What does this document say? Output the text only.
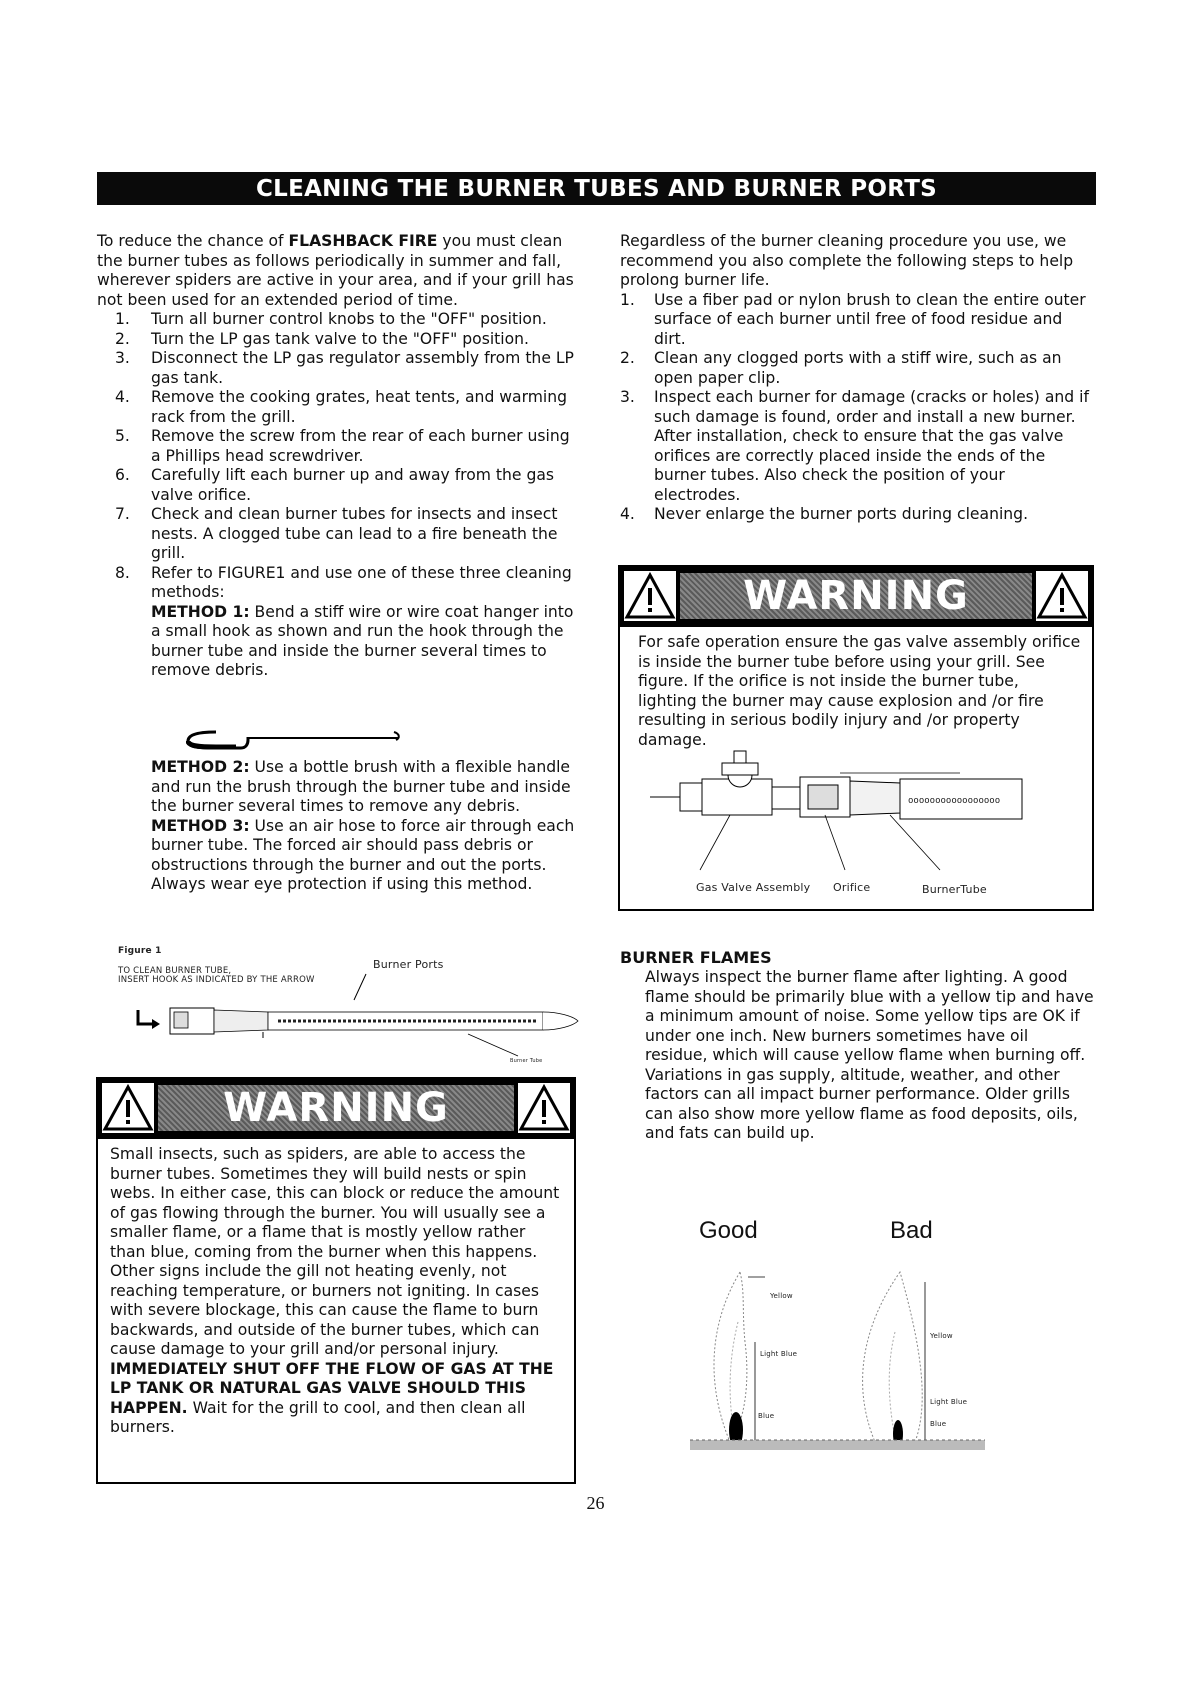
CLEANING THE BURNER TUBES AND BURNER PORTS

To reduce the chance of FLASHBACK FIRE you must clean the burner tubes as follows periodically in summer and fall, wherever spiders are active in your area, and if your grill has not been used for an extended period of time.

1. Turn all burner control knobs to the "OFF" position.
2. Turn the LP gas tank valve to the "OFF" position.
3. Disconnect the LP gas regulator assembly from the LP gas tank.
4. Remove the cooking grates, heat tents, and warming rack from the grill.
5. Remove the screw from the rear of each burner using a Phillips head screwdriver.
6. Carefully lift each burner up and away from the gas valve orifice.
7. Check and clean burner tubes for insects and insect nests. A clogged tube can lead to a fire beneath the grill.
8. Refer to FIGURE1 and use one of these three cleaning methods:
METHOD 1: Bend a stiff wire or wire coat hanger into a small hook as shown and run the hook through the burner tube and inside the burner several times to remove debris.
METHOD 2: Use a bottle brush with a flexible handle and run the brush through the burner tube and inside the burner several times to remove any debris.
METHOD 3: Use an air hose to force air through each burner tube. The forced air should pass debris or obstructions through the burner and out the ports. Always wear eye protection if using this method.
Figure 1
TO CLEAN BURNER TUBE,
INSERT HOOK AS INDICATED BY THE ARROW
Burner Ports
Burner Tube
WARNING
Small insects, such as spiders, are able to access the burner tubes. Sometimes they will build nests or spin webs. In either case, this can block or reduce the amount of gas flowing through the burner. You will usually see a smaller flame, or a flame that is mostly yellow rather than blue, coming from the burner when this happens. Other signs include the gill not heating evenly, not reaching temperature, or burners not igniting. In cases with severe blockage, this can cause the flame to burn backwards, and outside of the burner tubes, which can cause damage to your grill and/or personal injury. IMMEDIATELY SHUT OFF THE FLOW OF GAS AT THE LP TANK OR NATURAL GAS VALVE SHOULD THIS HAPPEN. Wait for the grill to cool, and then clean all burners.

Regardless of the burner cleaning procedure you use, we recommend you also complete the following steps to help prolong burner life.

1. Use a fiber pad or nylon brush to clean the entire outer surface of each burner until free of food residue and dirt.
2. Clean any clogged ports with a stiff wire, such as an open paper clip.
3. Inspect each burner for damage (cracks or holes) and if such damage is found, order and install a new burner. After installation, check to ensure that the gas valve orifices are correctly placed inside the ends of the burner tubes. Also check the position of your electrodes.
4. Never enlarge the burner ports during cleaning.
WARNING
For safe operation ensure the gas valve assembly orifice is inside the burner tube before using your grill. See figure. If the orifice is not inside the burner tube, lighting the burner may cause explosion and /or fire resulting in serious bodily injury and /or property damage.
ooooooooooooooooo
Gas Valve Assembly Orifice	BurnerTube
BURNER FLAMES
Always inspect the burner flame after lighting. A good flame should be primarily blue with a yellow tip and have a minimum amount of noise. Some yellow tips are OK if under one inch. New burners sometimes have oil residue, which will cause yellow flame when burning off. Variations in gas supply, altitude, weather, and other factors can all impact burner performance. Older grills can also show more yellow flame as food deposits, oils, and fats can build up.
Good	Bad
Yellow
Light Blue
Blue
Yellow
Light Blue
Blue
26
